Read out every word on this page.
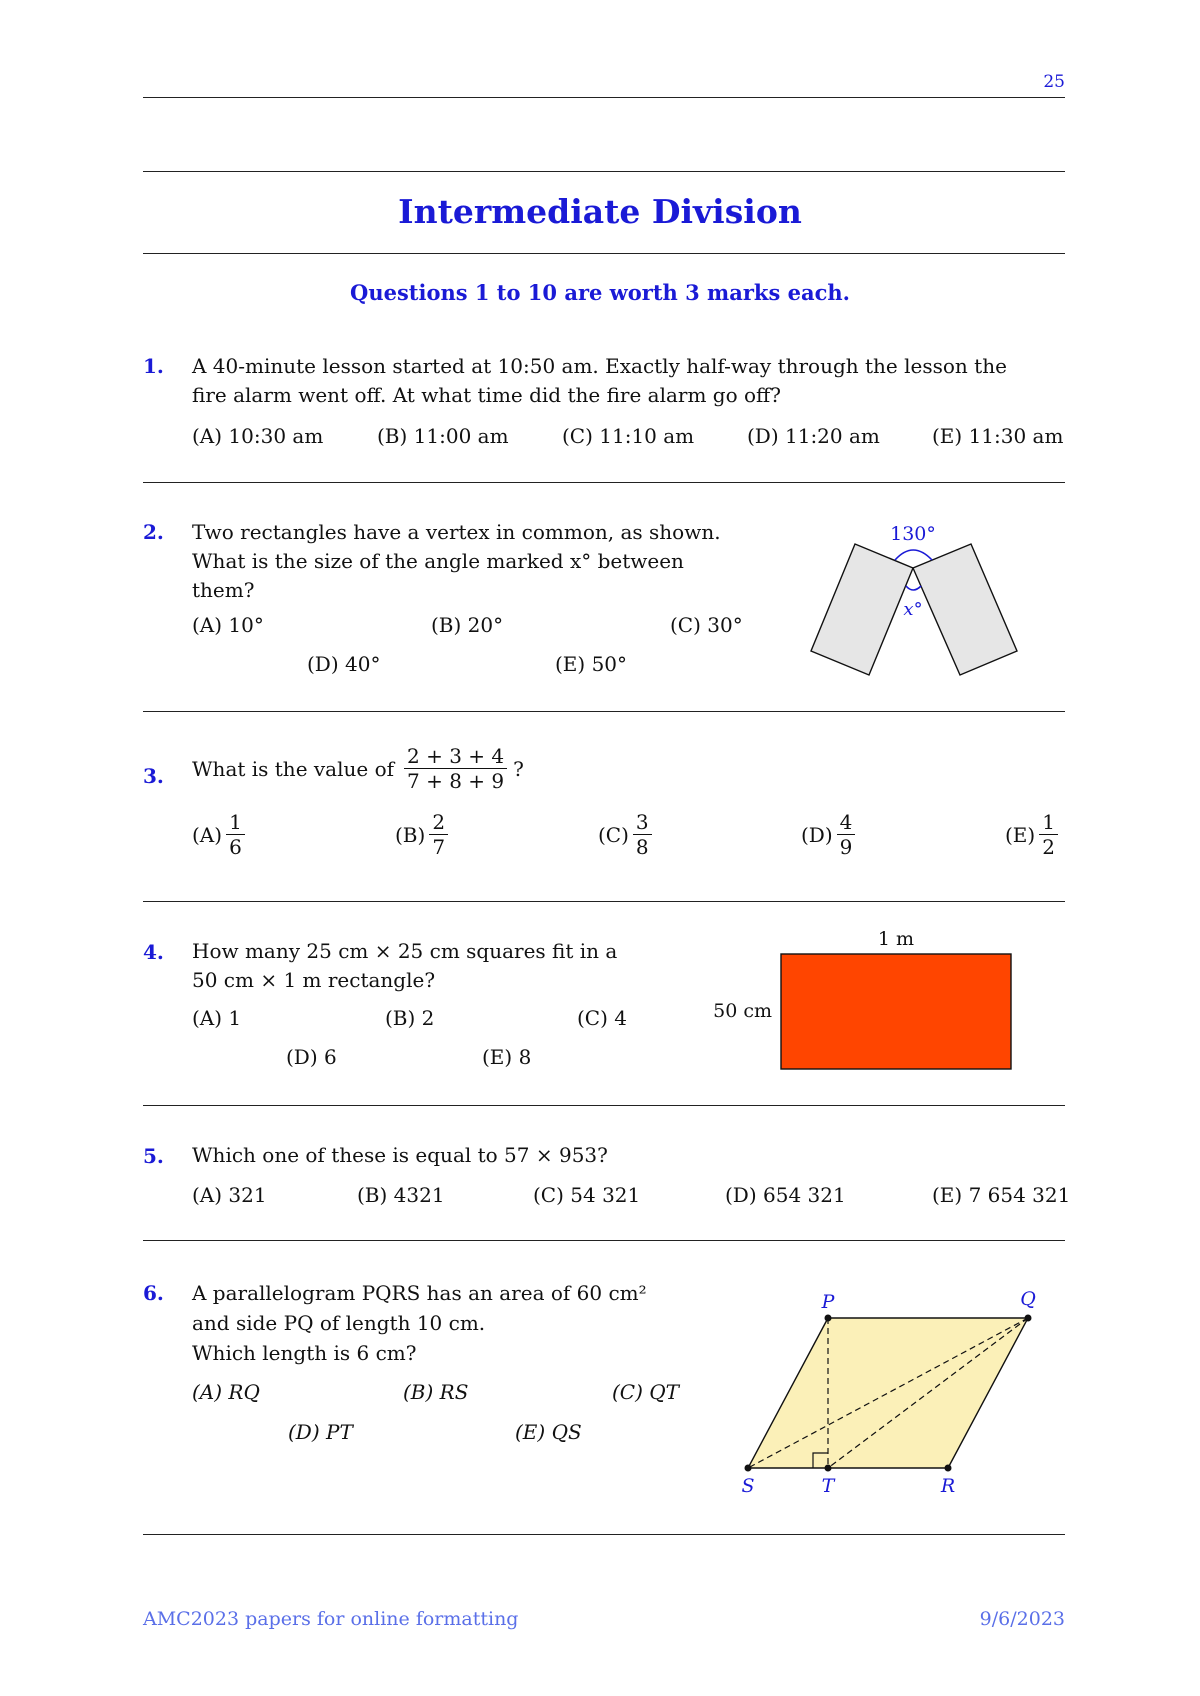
25
Intermediate Division
Questions 1 to 10 are worth 3 marks each.
1. A 40-minute lesson started at 10:50 am. Exactly half-way through the lesson the
fire alarm went off. At what time did the fire alarm go off?
(A) 10:30 am	(B) 11:00 am	(C) 11:10 am	(D) 11:20 am	(E) 11:30 am
2. Two rectangles have a vertex in common, as shown.
What is the size of the angle marked x° between
them?
(A) 10°	(B) 20°	(C) 30°
(D) 40°	(E) 50°
130°
x°
3. What is the value of $\frac{2 + 3 + 4}{7 + 8 + 9}$ ?
$(A) \frac{1}{6}$	$(B) \frac{2}{7}$	$(C) \frac{3}{8}$	$(D) \frac{4}{9}$	$(E) \frac{1}{2}$
4. How many 25 cm × 25 cm squares fit in a
50 cm × 1 m rectangle?
(A) 1	(B) 2	(C) 4
(D) 6	(E) 8
1 m
50 cm
5. Which one of these is equal to 57 × 953?
(A) 321	(B) 4321	(C) 54 321	(D) 654 321	(E) 7 654 321
6. A parallelogram PQRS has an area of 60 cm²
and side PQ of length 10 cm.
Which length is 6 cm?
(A) RQ	(B) RS	(C) QT
(D) PT	(E) QS
P	Q
R
S	T
AMC2023 papers for online formatting	9/6/2023
